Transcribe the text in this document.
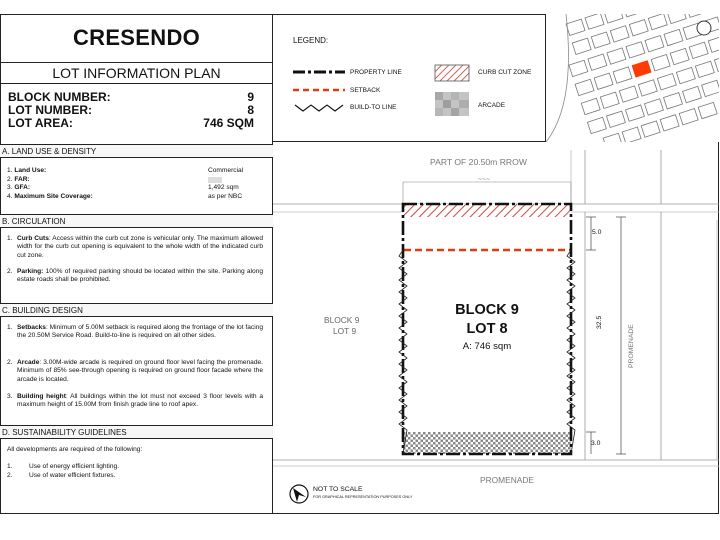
CRESENDO
LOT INFORMATION PLAN
BLOCK NUMBER:	9
LOT NUMBER:	8
LOT AREA:	746 SQM
A. LAND USE & DENSITY
1. Land Use:	Commercial
2. FAR:
3. GFA:	1,492 sqm
4. Maximum Site Coverage:	as per NBC
B. CIRCULATION
1. Curb Cuts: Access within the curb cut zone is vehicular only. The maximum allowed width for the curb cut opening is equivalent to the whole width of the indicated curb cut zone.
2. Parking: 100% of required parking should be located within the site. Parking along estate roads shall be prohibited.
C. BUILDING DESIGN
1. Setbacks: Minimum of 5.00M setback is required along the frontage of the lot facing the 20.50M Service Road. Build-to-line is required on all other sides.
2. Arcade: 3.00M-wide arcade is required on ground floor level facing the promenade. Minimum of 85% see-through opening is required on ground floor facade where the arcade is located.
3. Building height: All buildings within the lot must not exceed 3 floor levels with a maximum height of 15.00M from finish grade line to roof apex.
D. SUSTAINABILITY GUIDELINES
All developments are required of the following:
1.	Use of energy efficient lighting.
2.	Use of water efficient fixtures.
LEGEND:
PROPERTY LINE
SETBACK
BUILD-TO LINE
CURB CUT ZONE
ARCADE
PART OF 20.50m RROW
~~~
BLOCK 9
LOT 9
BLOCK 9
LOT 8
A: 746 sqm
5.0
3.0
32.5
PROMENADE
PROMENADE
NOT TO SCALE
FOR GRAPHICAL REPRESENTATION PURPOSES ONLY
